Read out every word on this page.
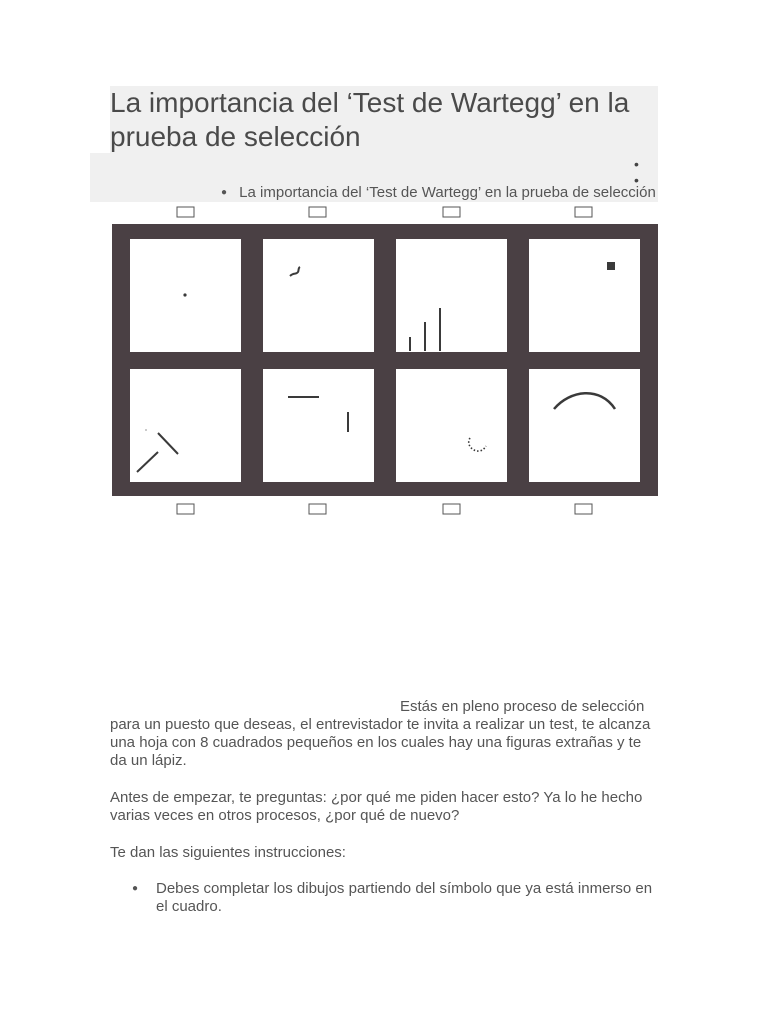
La importancia del ‘Test de Wartegg’ en la prueba de selección
•
•
● La importancia del ‘Test de Wartegg’ en la prueba de selección

Estás en pleno proceso de selección para un puesto que deseas, el entrevistador te invita a realizar un test, te alcanza una hoja con 8 cuadrados pequeños en los cuales hay una figuras extrañas y te da un lápiz.

Antes de empezar, te preguntas: ¿por qué me piden hacer esto? Ya lo he hecho varias veces en otros procesos, ¿por qué de nuevo?

Te dan las siguientes instrucciones:

● Debes completar los dibujos partiendo del símbolo que ya está inmerso en el cuadro.
